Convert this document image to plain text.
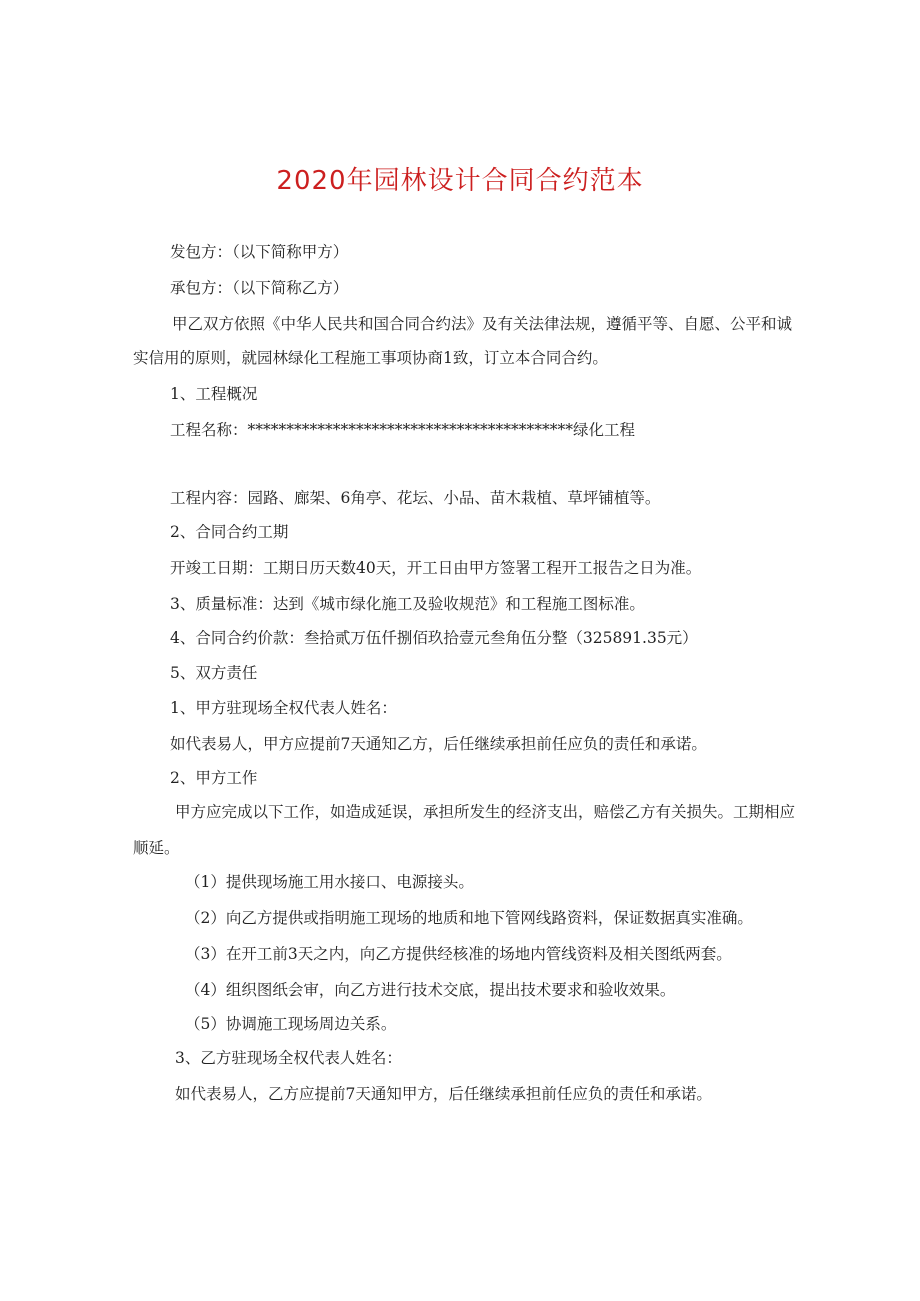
2020年园林设计合同合约范本
发包方：（以下简称甲方）
承包方：（以下简称乙方）
甲乙双方依照《中华人民共和国合同合约法》及有关法律法规，遵循平等、自愿、公平和诚
实信用的原则，就园林绿化工程施工事项协商1致，订立本合同合约。
1、工程概况
工程名称：******************************************绿化工程
工程内容：园路、廊架、6角亭、花坛、小品、苗木栽植、草坪铺植等。
2、合同合约工期
开竣工日期：工期日历天数40天，开工日由甲方签署工程开工报告之日为准。
3、质量标准：达到《城市绿化施工及验收规范》和工程施工图标准。
4、合同合约价款：叁拾贰万伍仟捌佰玖拾壹元叁角伍分整（325891.35元）
5、双方责任
1、甲方驻现场全权代表人姓名：
如代表易人，甲方应提前7天通知乙方，后任继续承担前任应负的责任和承诺。
2、甲方工作
甲方应完成以下工作，如造成延误，承担所发生的经济支出，赔偿乙方有关损失。工期相应
顺延。
（1）提供现场施工用水接口、电源接头。
（2）向乙方提供或指明施工现场的地质和地下管网线路资料，保证数据真实准确。
（3）在开工前3天之内，向乙方提供经核准的场地内管线资料及相关图纸两套。
（4）组织图纸会审，向乙方进行技术交底，提出技术要求和验收效果。
（5）协调施工现场周边关系。
3、乙方驻现场全权代表人姓名：
如代表易人，乙方应提前7天通知甲方，后任继续承担前任应负的责任和承诺。
